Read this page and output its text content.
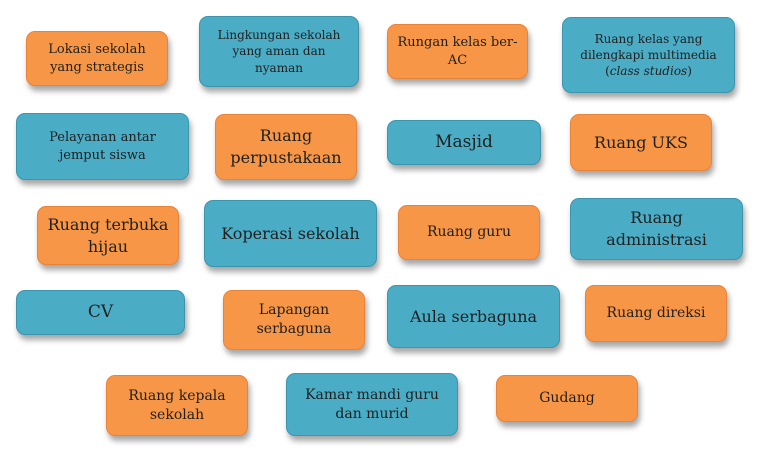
Lokasi sekolah
yang strategis
Lingkungan sekolah
yang aman dan
nyaman
Rungan kelas ber-
AC
Ruang kelas yang
dilengkapi multimedia
(class studios)
Pelayanan antar
jemput siswa
Ruang
perpustakaan
Masjid	Ruang UKS
Ruang terbuka
hijau
Koperasi sekolah	Ruang guru
Ruang
administrasi
CV	Lapangan
serbaguna
Aula serbaguna	Ruang direksi
Ruang kepala
sekolah
Kamar mandi guru
dan murid
Gudang
